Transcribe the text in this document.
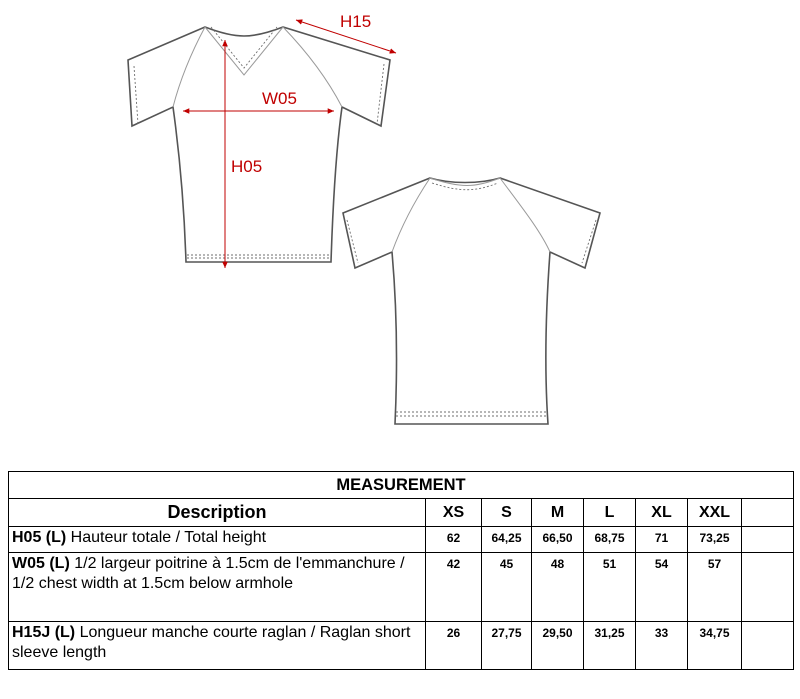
H15
W05
H05
MEASUREMENT							
Description	XS	S	M	L	XL	XXL	
H05 (L) Hauteur totale / Total height	62	64,25	66,50	68,75	71	73,25	
W05 (L) 1/2 largeur poitrine à 1.5cm de l'emmanchure / 1/2 chest width at 1.5cm below armhole	42	45	48	51	54	57	
H15J (L) Longueur manche courte raglan / Raglan short sleeve length	26	27,75	29,50	31,25	33	34,75	
